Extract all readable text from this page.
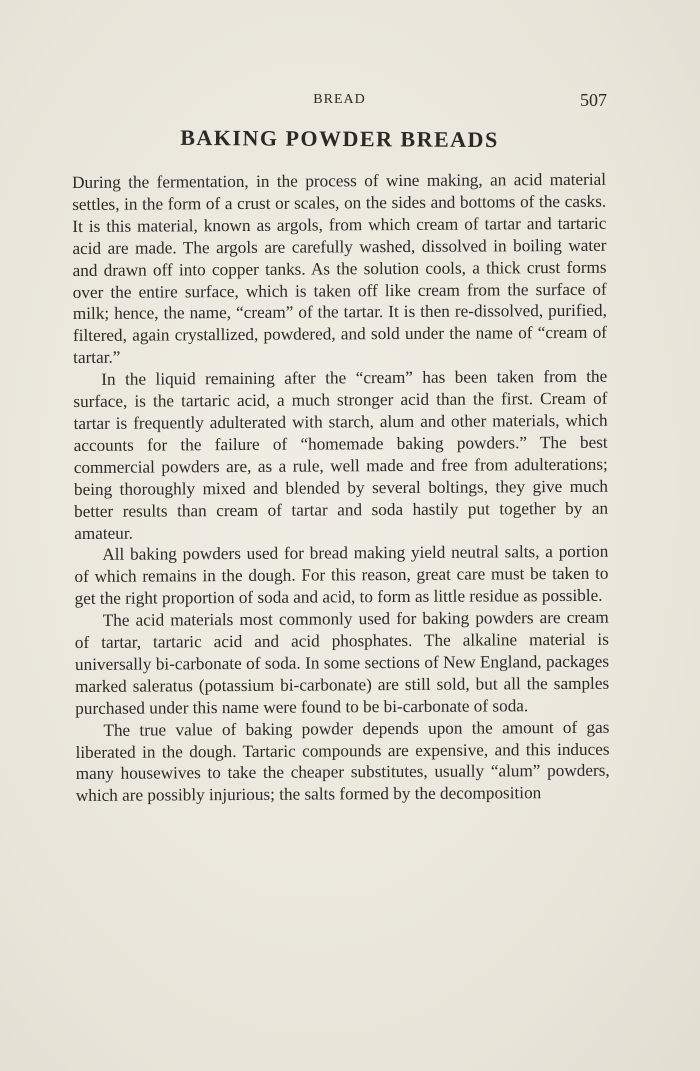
BREAD	507
BAKING POWDER BREADS

During the fermentation, in the process of wine making, an acid material settles, in the form of a crust or scales, on the sides and bottoms of the casks. It is this material, known as argols, from which cream of tartar and tartaric acid are made. The argols are carefully washed, dissolved in boiling water and drawn off into copper tanks. As the solution cools, a thick crust forms over the entire surface, which is taken off like cream from the surface of milk; hence, the name, “cream” of the tartar. It is then re-dissolved, purified, filtered, again crystallized, powdered, and sold under the name of “cream of tartar.”

In the liquid remaining after the “cream” has been taken from the surface, is the tartaric acid, a much stronger acid than the first. Cream of tartar is frequently adulterated with starch, alum and other materials, which accounts for the failure of “homemade baking powders.” The best commercial powders are, as a rule, well made and free from adulterations; being thoroughly mixed and blended by several boltings, they give much better results than cream of tartar and soda hastily put together by an amateur.

All baking powders used for bread making yield neutral salts, a portion of which remains in the dough. For this reason, great care must be taken to get the right proportion of soda and acid, to form as little residue as possible.

The acid materials most commonly used for baking powders are cream of tartar, tartaric acid and acid phosphates. The alkaline material is universally bi-carbonate of soda. In some sections of New England, packages marked saleratus (potassium bi-carbonate) are still sold, but all the samples purchased under this name were found to be bi-carbonate of soda.

The true value of baking powder depends upon the amount of gas liberated in the dough. Tartaric compounds are expensive, and this induces many housewives to take the cheaper substitutes, usually “alum” powders, which are possibly injurious; the salts formed by the decomposition
